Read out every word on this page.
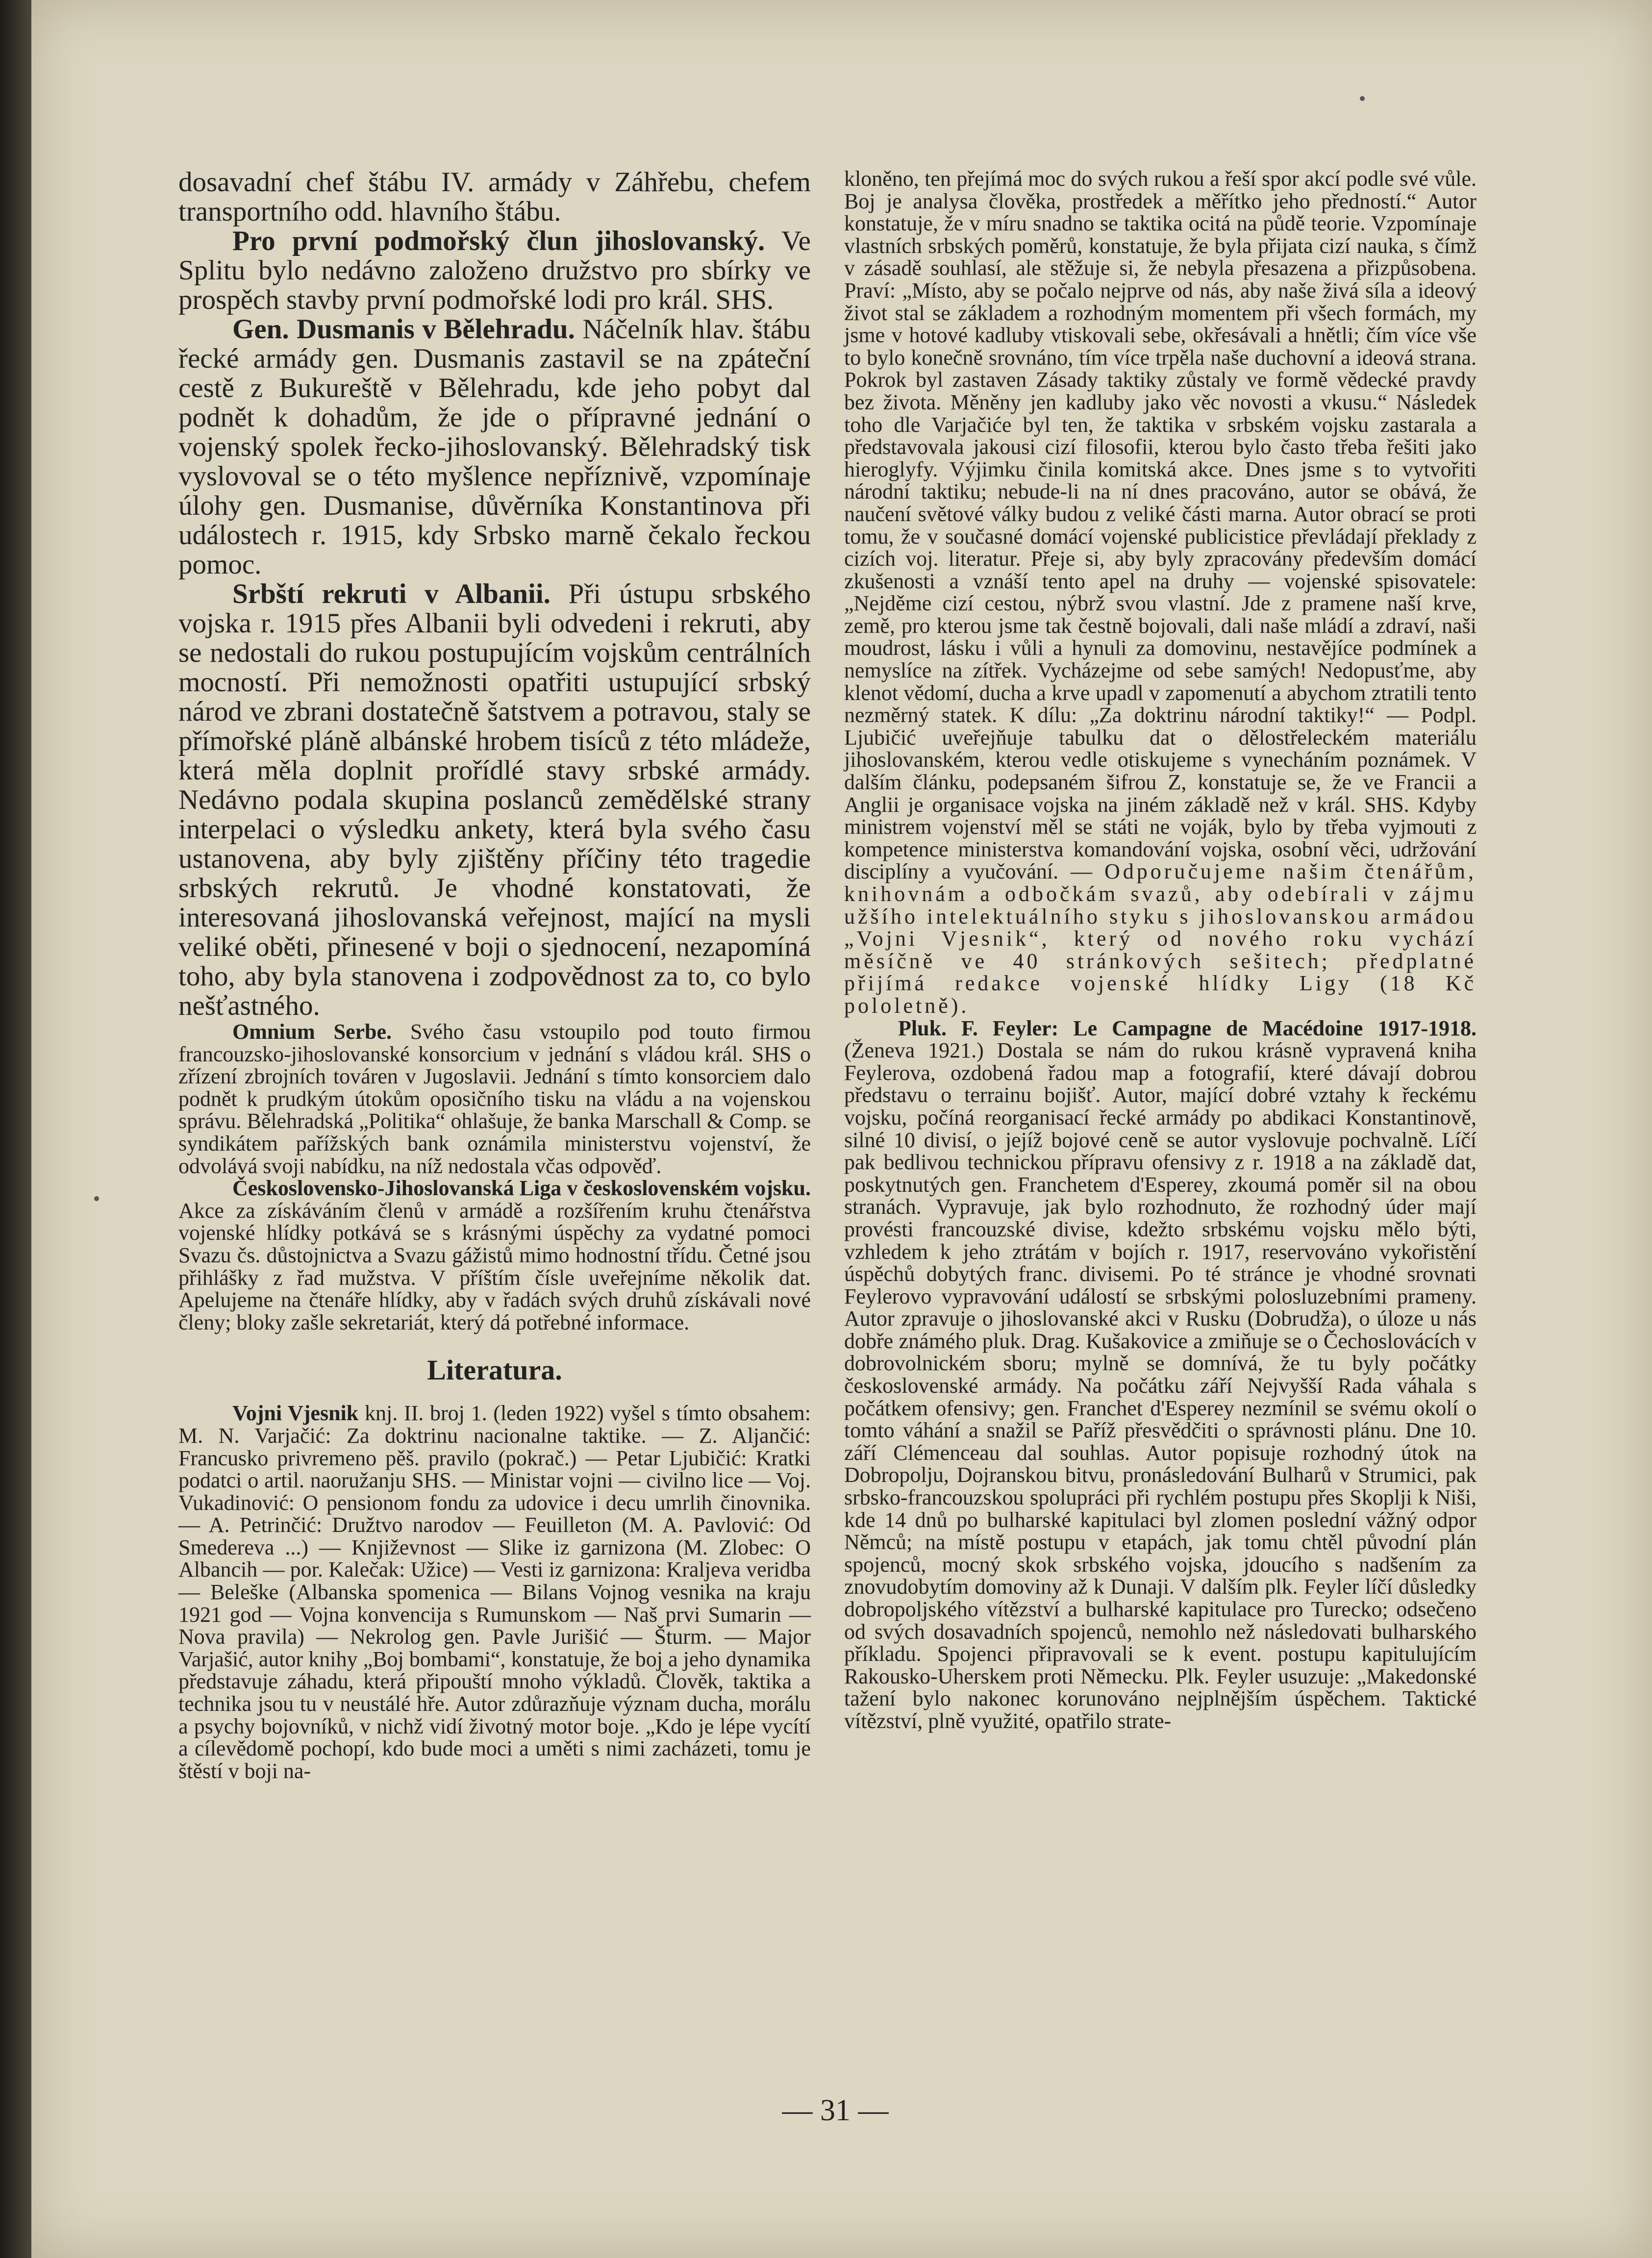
dosavadní chef štábu IV. armády v Záhřebu, chefem transportního odd. hlavního štábu.

Pro první podmořský člun jihoslovanský. Ve Splitu bylo nedávno založeno družstvo pro sbírky ve prospěch stavby první podmořské lodi pro král. SHS.

Gen. Dusmanis v Bělehradu. Náčelník hlav. štábu řecké armády gen. Dusmanis zastavil se na zpáteční cestě z Bukureště v Bělehradu, kde jeho pobyt dal podnět k dohadům, že jde o přípravné jednání o vojenský spolek řecko-jihoslovanský. Bělehradský tisk vyslovoval se o této myšlence nepříznivě, vzpomínaje úlohy gen. Dusmanise, důvěrníka Konstantinova při událostech r. 1915, kdy Srbsko marně čekalo řeckou pomoc.

Srbští rekruti v Albanii. Při ústupu srbského vojska r. 1915 přes Albanii byli odvedeni i rekruti, aby se nedostali do rukou postupujícím vojskům centrálních mocností. Při nemožnosti opatřiti ustupující srbský národ ve zbrani dostatečně šatstvem a potravou, staly se přímořské pláně albánské hrobem tisíců z této mládeže, která měla doplnit prořídlé stavy srbské armády. Nedávno podala skupina poslanců zemědělské strany interpelaci o výsledku ankety, která byla svého času ustanovena, aby byly zjištěny příčiny této tragedie srbských rekrutů. Je vhodné konstatovati, že interesovaná jihoslovanská veřejnost, mající na mysli veliké oběti, přinesené v boji o sjednocení, nezapomíná toho, aby byla stanovena i zodpovědnost za to, co bylo nešťastného.

Omnium Serbe. Svého času vstoupilo pod touto firmou francouzsko-jihoslovanské konsorcium v jednání s vládou král. SHS o zřízení zbrojních továren v Jugoslavii. Jednání s tímto konsorciem dalo podnět k prudkým útokům oposičního tisku na vládu a na vojenskou správu. Bělehradská „Politika“ ohlašuje, že banka Marschall & Comp. se syndikátem pařížských bank oznámila ministerstvu vojenství, že odvolává svoji nabídku, na níž nedostala včas odpověď.

Československo-Jihoslovanská Liga v československém vojsku. Akce za získáváním členů v armádě a rozšířením kruhu čtenářstva vojenské hlídky potkává se s krásnými úspěchy za vydatné pomoci Svazu čs. důstojnictva a Svazu gážistů mimo hodnostní třídu. Četné jsou přihlášky z řad mužstva. V příštím čísle uveřejníme několik dat. Apelujeme na čtenáře hlídky, aby v řadách svých druhů získávali nové členy; bloky zašle sekretariát, který dá potřebné informace.

Literatura.

Vojni Vjesnik knj. II. broj 1. (leden 1922) vyšel s tímto obsahem: M. N. Varjačić: Za doktrinu nacionalne taktike. — Z. Aljančić: Francusko privremeno pěš. pravilo (pokrač.) — Petar Ljubičić: Kratki podatci o artil. naoružanju SHS. — Ministar vojni — civilno lice — Voj. Vukadinović: O pensionom fondu za udovice i decu umrlih činovnika. — A. Petrinčić: Družtvo narodov — Feuilleton (M. A. Pavlović: Od Smedereva ...) — Književnost — Slike iz garnizona (M. Zlobec: O Albancih — por. Kalečak: Užice) — Vesti iz garnizona: Kraljeva veridba — Beleške (Albanska spomenica — Bilans Vojnog vesnika na kraju 1921 god — Vojna konvencija s Rumunskom — Naš prvi Sumarin — Nova pravila) — Nekrolog gen. Pavle Jurišić — Šturm. — Major Varjašić, autor knihy „Boj bombami“, konstatuje, že boj a jeho dynamika představuje záhadu, která připouští mnoho výkladů. Člověk, taktika a technika jsou tu v neustálé hře. Autor zdůrazňuje význam ducha, morálu a psychy bojovníků, v nichž vidí životný motor boje. „Kdo je lépe vycítí a cílevědomě pochopí, kdo bude moci a uměti s nimi zacházeti, tomu je štěstí v boji na-

kloněno, ten přejímá moc do svých rukou a řeší spor akcí podle své vůle. Boj je analysa člověka, prostředek a měřítko jeho předností.“ Autor konstatuje, že v míru snadno se taktika ocitá na půdě teorie. Vzpomínaje vlastních srbských poměrů, konstatuje, že byla přijata cizí nauka, s čímž v zásadě souhlasí, ale stěžuje si, že nebyla přesazena a přizpůsobena. Praví: „Místo, aby se počalo nejprve od nás, aby naše živá síla a ideový život stal se základem a rozhodným momentem při všech formách, my jsme v hotové kadluby vtiskovali sebe, okřesávali a hnětli; čím více vše to bylo konečně srovnáno, tím více trpěla naše duchovní a ideová strana. Pokrok byl zastaven Zásady taktiky zůstaly ve formě vědecké pravdy bez života. Měněny jen kadluby jako věc novosti a vkusu.“ Následek toho dle Varjačiće byl ten, že taktika v srbském vojsku zastarala a představovala jakousi cizí filosofii, kterou bylo často třeba řešiti jako hieroglyfy. Výjimku činila komitská akce. Dnes jsme s to vytvořiti národní taktiku; nebude-li na ní dnes pracováno, autor se obává, že naučení světové války budou z veliké části marna. Autor obrací se proti tomu, že v současné domácí vojenské publicistice převládají překlady z cizích voj. literatur. Přeje si, aby byly zpracovány především domácí zkušenosti a vznáší tento apel na druhy — vojenské spisovatele: „Nejděme cizí cestou, nýbrž svou vlastní. Jde z pramene naší krve, země, pro kterou jsme tak čestně bojovali, dali naše mládí a zdraví, naši moudrost, lásku i vůli a hynuli za domovinu, nestavějíce podmínek a nemyslíce na zítřek. Vycházejme od sebe samých! Nedopusťme, aby klenot vědomí, ducha a krve upadl v zapomenutí a abychom ztratili tento nezměrný statek. K dílu: „Za doktrinu národní taktiky!“ — Podpl. Ljubičić uveřejňuje tabulku dat o dělostřeleckém materiálu jihoslovanském, kterou vedle otiskujeme s vynecháním poznámek. V dalším článku, podepsaném šifrou Z, konstatuje se, že ve Francii a Anglii je organisace vojska na jiném základě než v král. SHS. Kdyby ministrem vojenství měl se státi ne voják, bylo by třeba vyjmouti z kompetence ministerstva komandování vojska, osobní věci, udržování disciplíny a vyučování. — Odporučujeme našim čtenářům, knihovnám a odbočkám svazů, aby odebírali v zájmu užšího intelektuálního styku s jihoslovanskou armádou „Vojni Vjesnik“, který od nového roku vychází měsíčně ve 40 stránkových sešitech; předplatné přijímá redakce vojenské hlídky Ligy (18 Kč pololetně).

Pluk. F. Feyler: Le Campagne de Macédoine 1917-1918. (Ženeva 1921.) Dostala se nám do rukou krásně vypravená kniha Feylerova, ozdobená řadou map a fotografií, které dávají dobrou představu o terrainu bojišť. Autor, mající dobré vztahy k řeckému vojsku, počíná reorganisací řecké armády po abdikaci Konstantinově, silné 10 divisí, o jejíž bojové ceně se autor vyslovuje pochvalně. Líčí pak bedlivou technickou přípravu ofensivy z r. 1918 a na základě dat, poskytnutých gen. Franchetem d'Esperey, zkoumá poměr sil na obou stranách. Vypravuje, jak bylo rozhodnuto, že rozhodný úder mají provésti francouzské divise, kdežto srbskému vojsku mělo býti, vzhledem k jeho ztrátám v bojích r. 1917, reservováno vykořistění úspěchů dobytých franc. divisemi. Po té stránce je vhodné srovnati Feylerovo vypravování událostí se srbskými polosluzebními prameny. Autor zpravuje o jihoslovanské akci v Rusku (Dobrudža), o úloze u nás dobře známého pluk. Drag. Kušakovice a zmiňuje se o Čechoslovácích v dobrovolnickém sboru; mylně se domnívá, že tu byly počátky československé armády. Na počátku září Nejvyšší Rada váhala s počátkem ofensivy; gen. Franchet d'Esperey nezmínil se svému okolí o tomto váhání a snažil se Paříž přesvědčiti o správnosti plánu. Dne 10. září Clémenceau dal souhlas. Autor popisuje rozhodný útok na Dobropolju, Dojranskou bitvu, pronásledování Bulharů v Strumici, pak srbsko-francouzskou spolupráci při rychlém postupu přes Skoplji k Niši, kde 14 dnů po bulharské kapitulaci byl zlomen poslední vážný odpor Němců; na místě postupu v etapách, jak tomu chtěl původní plán spojenců, mocný skok srbského vojska, jdoucího s nadšením za znovudobytím domoviny až k Dunaji. V dalším plk. Feyler líčí důsledky dobropoljského vítězství a bulharské kapitulace pro Turecko; odsečeno od svých dosavadních spojenců, nemohlo než následovati bulharského příkladu. Spojenci připravovali se k event. postupu kapitulujícím Rakousko-Uherskem proti Německu. Plk. Feyler usuzuje: „Makedonské tažení bylo nakonec korunováno nejplnějším úspěchem. Taktické vítězství, plně využité, opatřilo strate-

— 31 —
